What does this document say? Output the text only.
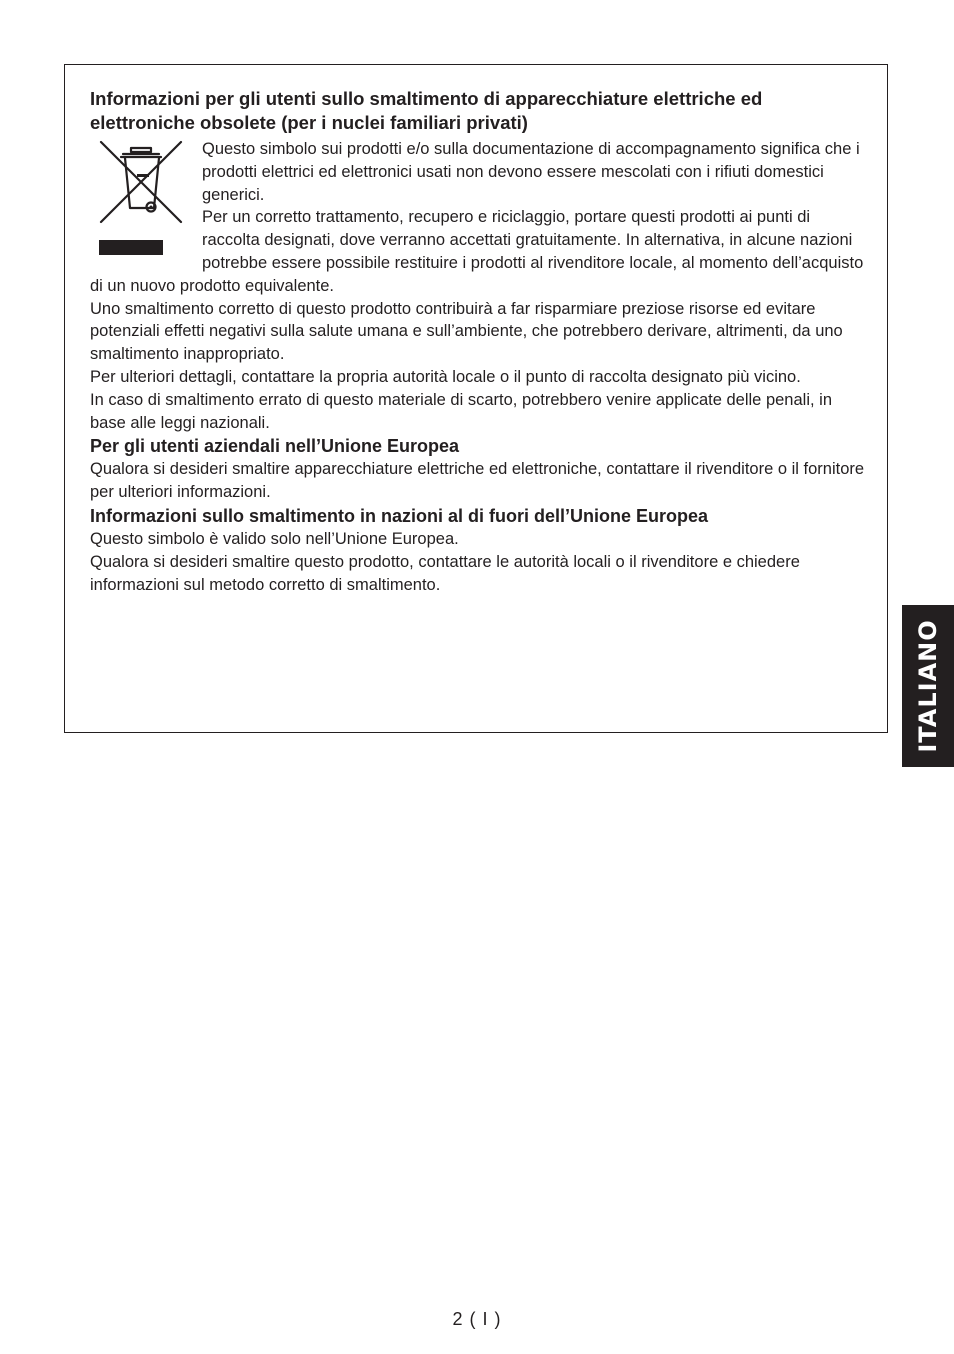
Informazioni per gli utenti sullo smaltimento di apparecchiature elettriche ed elettroniche obsolete (per i nuclei familiari privati)

Questo simbolo sui prodotti e/o sulla documentazione di accompagnamento significa che i prodotti elettrici ed elettronici usati non devono essere mescolati con i rifiuti domestici generici.

Per un corretto trattamento, recupero e riciclaggio, portare questi prodotti ai punti di raccolta designati, dove verranno accettati gratuitamente. In alternativa, in alcune nazioni potrebbe essere possibile restituire i prodotti al rivenditore locale, al momento dell’acquisto di un nuovo prodotto equivalente.

Uno smaltimento corretto di questo prodotto contribuirà a far risparmiare preziose risorse ed evitare potenziali effetti negativi sulla salute umana e sull’ambiente, che potrebbero derivare, altrimenti, da uno smaltimento inappropriato.

Per ulteriori dettagli, contattare la propria autorità locale o il punto di raccolta designato più vicino.

In caso di smaltimento errato di questo materiale di scarto, potrebbero venire applicate delle penali, in base alle leggi nazionali.

Per gli utenti aziendali nell’Unione Europea

Qualora si desideri smaltire apparecchiature elettriche ed elettroniche, contattare il rivenditore o il fornitore per ulteriori informazioni.

Informazioni sullo smaltimento in nazioni al di fuori dell’Unione Europea

Questo simbolo è valido solo nell’Unione Europea.

Qualora si desideri smaltire questo prodotto, contattare le autorità locali o il rivenditore e chiedere informazioni sul metodo corretto di smaltimento.

ITALIANO
2 ( I )
